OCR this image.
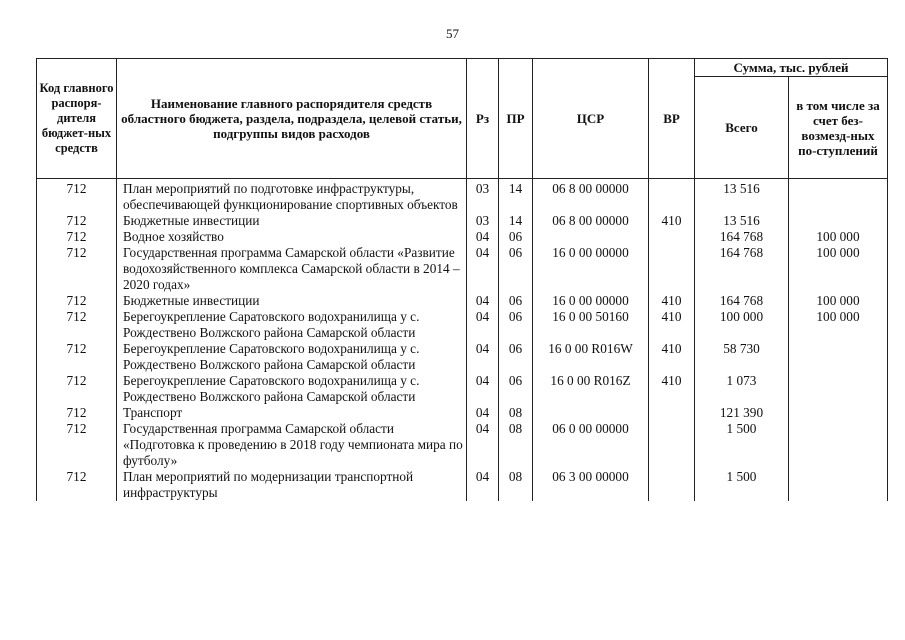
57
Код главного распоря-дителя бюджет-ных средств	Наименование главного распорядителя средств областного бюджета, раздела, подраздела, целевой статьи, подгруппы видов расходов	Рз	ПР	ЦСР	ВР	Сумма, тыс. рублей	
						Всего	в том числе за счет без-возмезд-ных по-ступлений
712	План мероприятий по подготовке инфраструктуры, обеспечивающей функционирование спортивных объектов	03	14	06 8 00 00000		13 516	
712	Бюджетные инвестиции	03	14	06 8 00 00000	410	13 516	
712	Водное хозяйство	04	06			164 768	100 000
712	Государственная программа Самарской области «Развитие водохозяйственного комплекса Самарской области в 2014 – 2020 годах»	04	06	16 0 00 00000		164 768	100 000
712	Бюджетные инвестиции	04	06	16 0 00 00000	410	164 768	100 000
712	Берегоукрепление Саратовского водохранилища у с. Рождествено Волжского района Самарской области	04	06	16 0 00 50160	410	100 000	100 000
712	Берегоукрепление Саратовского водохранилища у с. Рождествено Волжского района Самарской области	04	06	16 0 00 R016W	410	58 730	
712	Берегоукрепление Саратовского водохранилища у с. Рождествено Волжского района Самарской области	04	06	16 0 00 R016Z	410	1 073	
712	Транспорт	04	08			121 390	
712	Государственная программа Самарской области «Подготовка к проведению в 2018 году чемпионата мира по футболу»	04	08	06 0 00 00000		1 500	
712	План мероприятий по модернизации транспортной инфраструктуры	04	08	06 3 00 00000		1 500	
